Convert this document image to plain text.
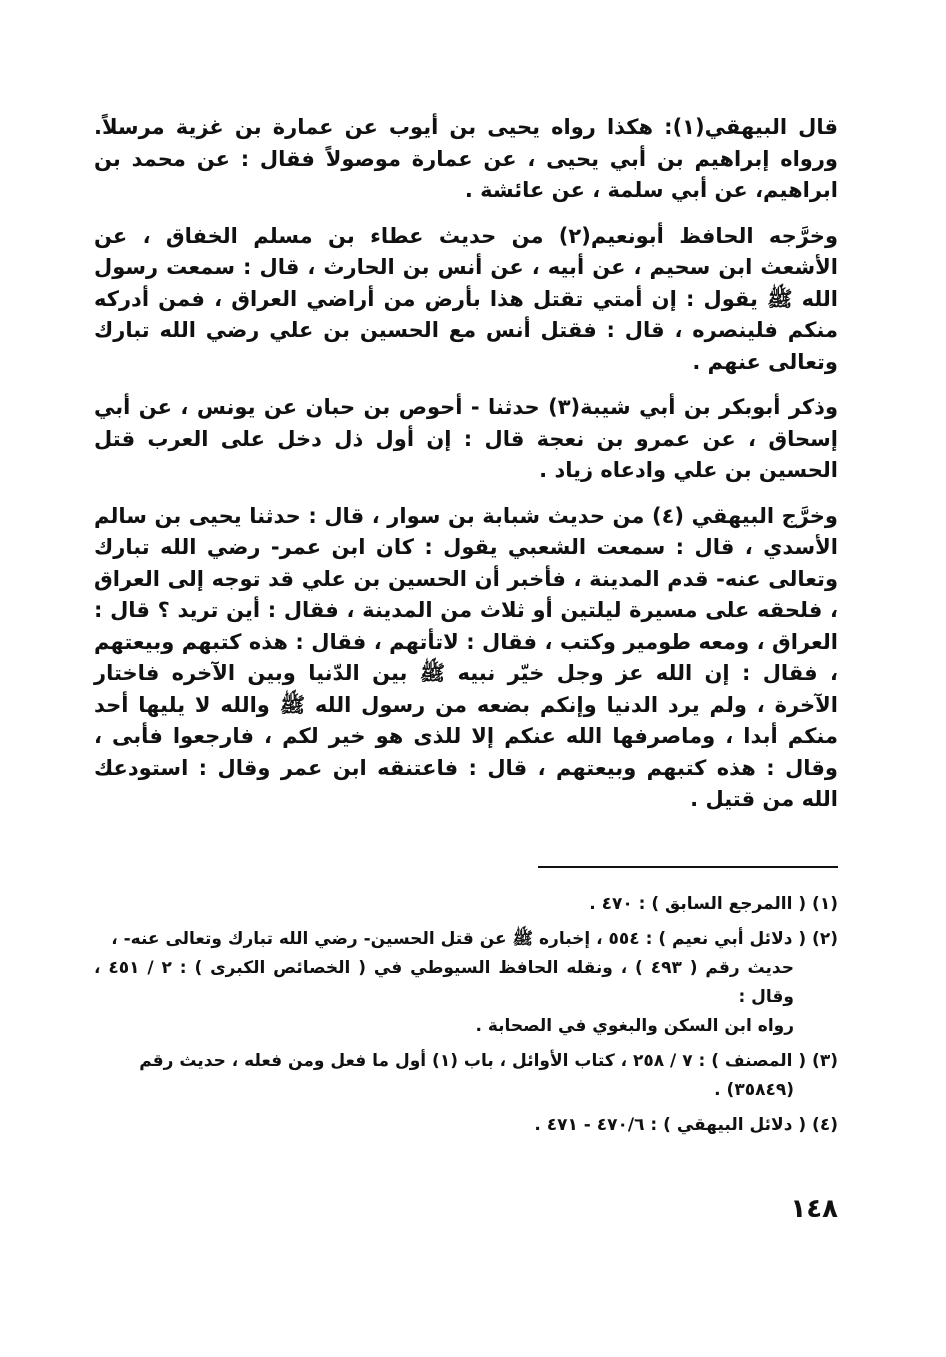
قال البيهقي(١): هكذا رواه يحيى بن أيوب عن عمارة بن غزية مرسلاً. ورواه إبراهيم بن أبي يحيى ، عن عمارة موصولاً فقال : عن محمد بن ابراهيم، عن أبي سلمة ، عن عائشة .

وخرَّجه الحافظ أبونعيم(٢) من حديث عطاء بن مسلم الخفاق ، عن الأشعث ابن سحيم ، عن أبيه ، عن أنس بن الحارث ، قال : سمعت رسول الله ﷺ يقول : إن أمتي تقتل هذا بأرض من أراضي العراق ، فمن أدركه منكم فلينصره ، قال : فقتل أنس مع الحسين بن علي رضي الله تبارك وتعالى عنهم .

وذكر أبوبكر بن أبي شيبة(٣) حدثنا - أحوص بن حبان عن يونس ، عن أبي إسحاق ، عن عمرو بن نعجة قال : إن أول ذل دخل على العرب قتل الحسين بن علي وادعاه زياد .

وخرَّج البيهقي (٤) من حديث شبابة بن سوار ، قال : حدثنا يحيى بن سالم الأسدي ، قال : سمعت الشعبي يقول : كان ابن عمر- رضي الله تبارك وتعالى عنه- قدم المدينة ، فأخبر أن الحسين بن علي قد توجه إلى العراق ، فلحقه على مسيرة ليلتين أو ثلاث من المدينة ، فقال : أين تريد ؟ قال : العراق ، ومعه طومير وكتب ، فقال : لاتأتهم ، فقال : هذه كتبهم وبيعتهم ، فقال : إن الله عز وجل خيّر نبيه ﷺ بين الدّنيا وبين الآخره فاختار الآخرة ، ولم يرد الدنيا وإنكم بضعه من رسول الله ﷺ والله لا يليها أحد منكم أبدا ، وماصرفها الله عنكم إلا للذى هو خير لكم ، فارجعوا فأبى ، وقال : هذه كتبهم وبيعتهم ، قال : فاعتنقه ابن عمر وقال : استودعك الله من قتيل .

(١) ( االمرجع السابق ) : ٤٧٠ .

(٢) ( دلائل أبي نعيم ) : ٥٥٤ ، إخباره ﷺ عن قتل الحسين- رضي الله تبارك وتعالى عنه- ،
حديث رقم ( ٤٩٣ ) ، ونقله الحافظ السيوطي في ( الخصائص الكبرى ) : ٢ / ٤٥١ ، وقال :
رواه ابن السكن والبغوي في الصحابة .

(٣) ( المصنف ) : ٧ / ٢٥٨ ، كتاب الأوائل ، باب (١) أول ما فعل ومن فعله ، حديث رقم
(٣٥٨٤٩) .

(٤) ( دلائل البيهقي ) : ٤٧٠/٦ - ٤٧١ .

١٤٨
